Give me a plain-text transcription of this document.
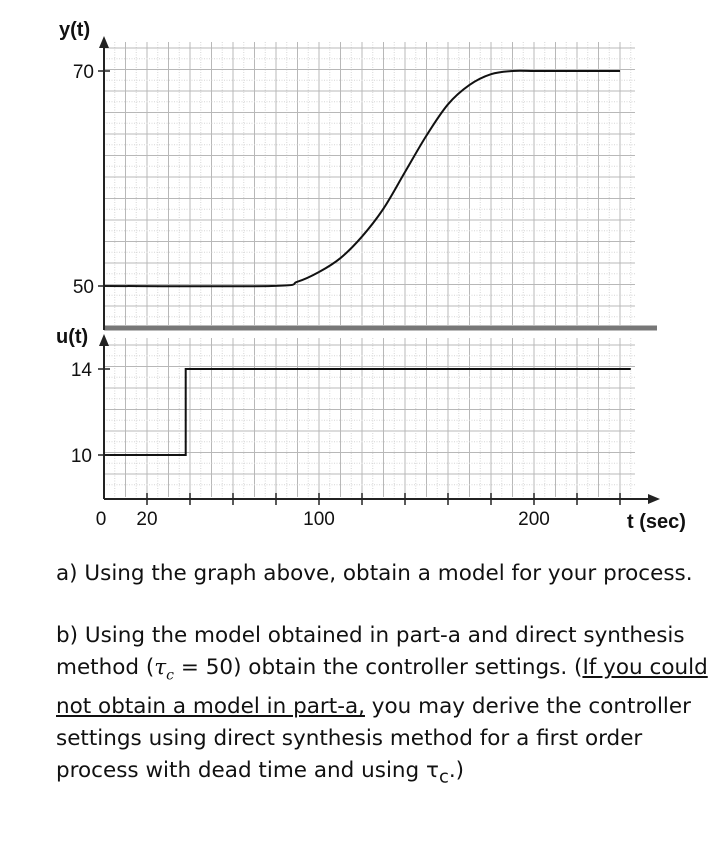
y(t)
u(t)
t (sec)
50
70
10
14
0 20	100	200

a) Using the graph above, obtain a model for your process.

b) Using the model obtained in part-a and direct synthesis method $(\tau_c = 50)$ obtain the controller settings. (If you could not obtain a model in part-a, you may derive the controller settings using direct synthesis method for a first order process with dead time and using $\tau_c$.)
